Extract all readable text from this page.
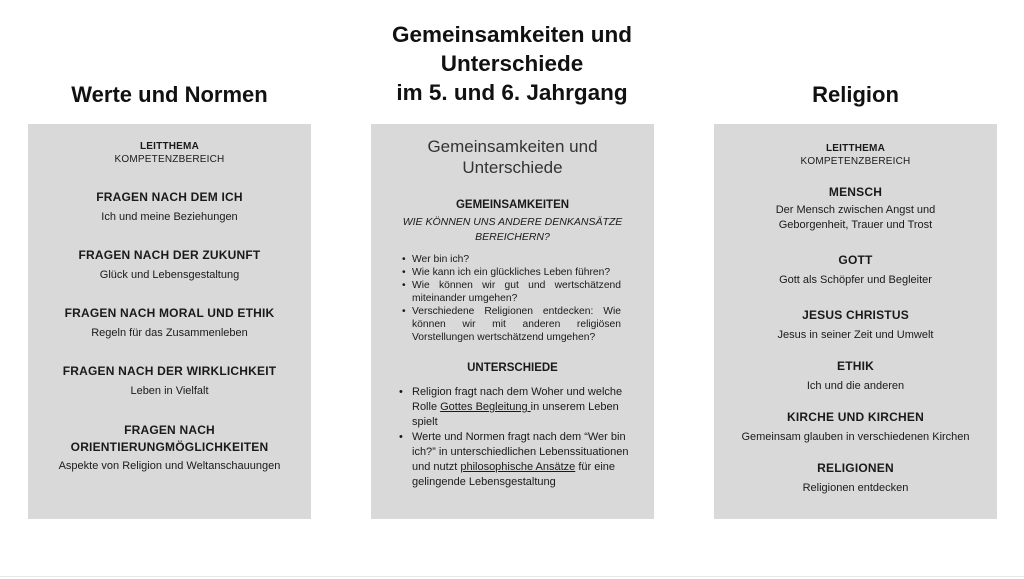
Gemeinsamkeiten und
Unterschiede
im 5. und 6. Jahrgang
Werte und Normen	Religion
LEITTHEMA
KOMPETENZBEREICH
FRAGEN NACH DEM ICH
Ich und meine Beziehungen
FRAGEN NACH DER ZUKUNFT
Glück und Lebensgestaltung
FRAGEN NACH MORAL UND ETHIK
Regeln für das Zusammenleben
FRAGEN NACH DER WIRKLICHKEIT
Leben in Vielfalt
FRAGEN NACH
ORIENTIERUNGMÖGLICHKEITEN
Aspekte von Religion und Weltanschauungen
Gemeinsamkeiten und
Unterschiede
GEMEINSAMKEITEN
WIE KÖNNEN UNS ANDERE DENKANSÄTZE
BEREICHERN?
• Wer bin ich?
• Wie kann ich ein glückliches Leben führen?
• Wie können wir gut und wertschätzend miteinander umgehen?
• Verschiedene Religionen entdecken: Wie können wir mit anderen religiösen Vorstellungen wertschätzend umgehen?
UNTERSCHIEDE
• Religion fragt nach dem Woher und welche Rolle Gottes Begleitung in unserem Leben spielt
• Werte und Normen fragt nach dem “Wer bin ich?” in unterschiedlichen Lebenssituationen und nutzt philosophische Ansätze für eine gelingende Lebensgestaltung
LEITTHEMA
KOMPETENZBEREICH
MENSCH
Der Mensch zwischen Angst und
Geborgenheit, Trauer und Trost
GOTT
Gott als Schöpfer und Begleiter
JESUS CHRISTUS
Jesus in seiner Zeit und Umwelt
ETHIK
Ich und die anderen
KIRCHE UND KIRCHEN
Gemeinsam glauben in verschiedenen Kirchen
RELIGIONEN
Religionen entdecken
